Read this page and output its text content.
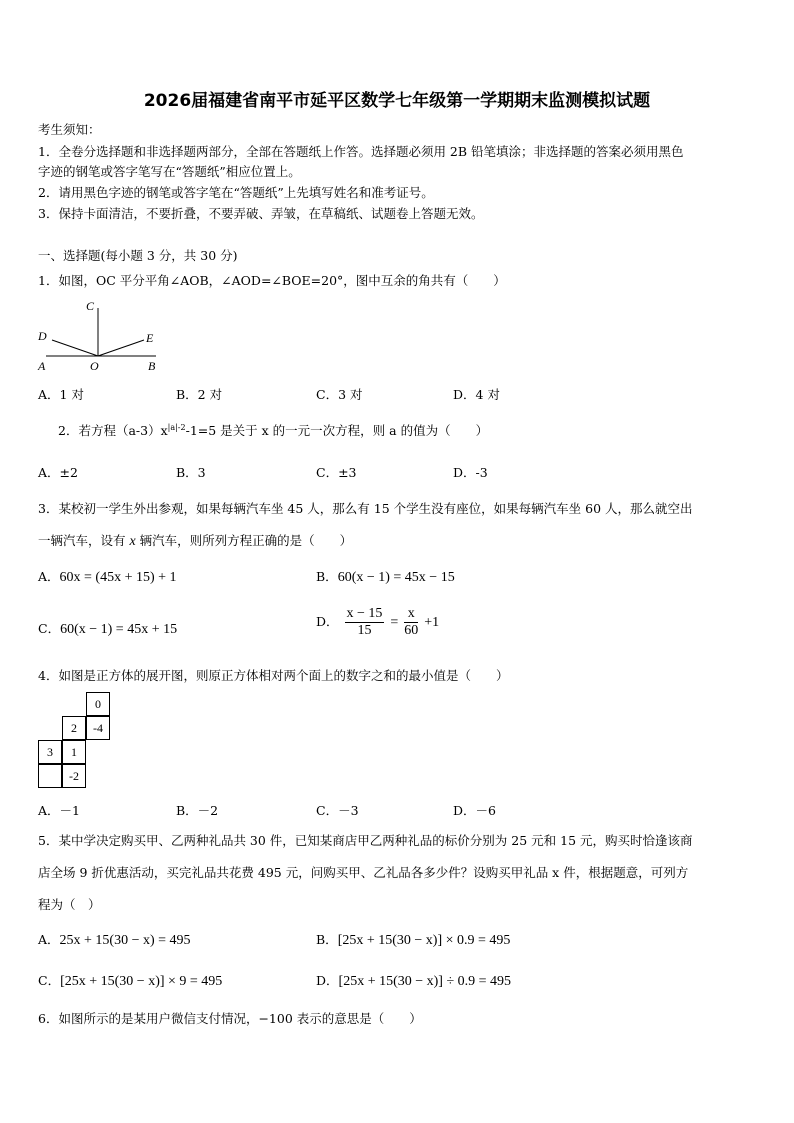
2026届福建省南平市延平区数学七年级第一学期期末监测模拟试题
考生须知：
1．全卷分选择题和非选择题两部分，全部在答题纸上作答。选择题必须用 2B 铅笔填涂；非选择题的答案必须用黑色
字迹的钢笔或答字笔写在“答题纸”相应位置上。
2．请用黑色字迹的钢笔或答字笔在“答题纸”上先填写姓名和准考证号。
3．保持卡面清洁，不要折叠，不要弄破、弄皱，在草稿纸、试题卷上答题无效。
一、选择题(每小题 3 分，共 30 分)
1．如图，OC 平分平角∠AOB，∠AOD=∠BOE=20°，图中互余的角共有（　　）
C
D	E
A	O	B
A．1 对	B．2 对	C．3 对	D．4 对
2．若方程$(a-3)x^{|a|-2}-1=5$ 是关于 x 的一元一次方程，则 a 的值为（　　）
A．±2	B．3	C．±3	D．-3
3．某校初一学生外出参观，如果每辆汽车坐 45 人，那么有 15 个学生没有座位，如果每辆汽车坐 60 人，那么就空出
一辆汽车，设有 x 辆汽车，则所列方程正确的是（　　）
A．60x = (45x + 15) + 1	B．60(x − 1) = 45x − 15
C．60(x − 1) = 45x + 15
D． $\frac{x - 15}{15} = \frac{x}{60} +1$
4．如图是正方体的展开图，则原正方体相对两个面上的数字之和的最小值是（　　）
0
2	-4
3	1
-2
A．－1	B．－2	C．－3	D．－6
5．某中学决定购买甲、乙两种礼品共 30 件，已知某商店甲乙两种礼品的标价分别为 25 元和 15 元，购买时恰逢该商
店全场 9 折优惠活动，买完礼品共花费 495 元，问购买甲、乙礼品各多少件？设购买甲礼品 x 件，根据题意，可列方
程为（　）
A．25x + 15(30 − x) = 495	B．[25x + 15(30 − x)] × 0.9 = 495
C．[25x + 15(30 − x)] × 9 = 495	D．[25x + 15(30 − x)] ÷ 0.9 = 495
6．如图所示的是某用户微信支付情况，−100 表示的意思是（　　）
